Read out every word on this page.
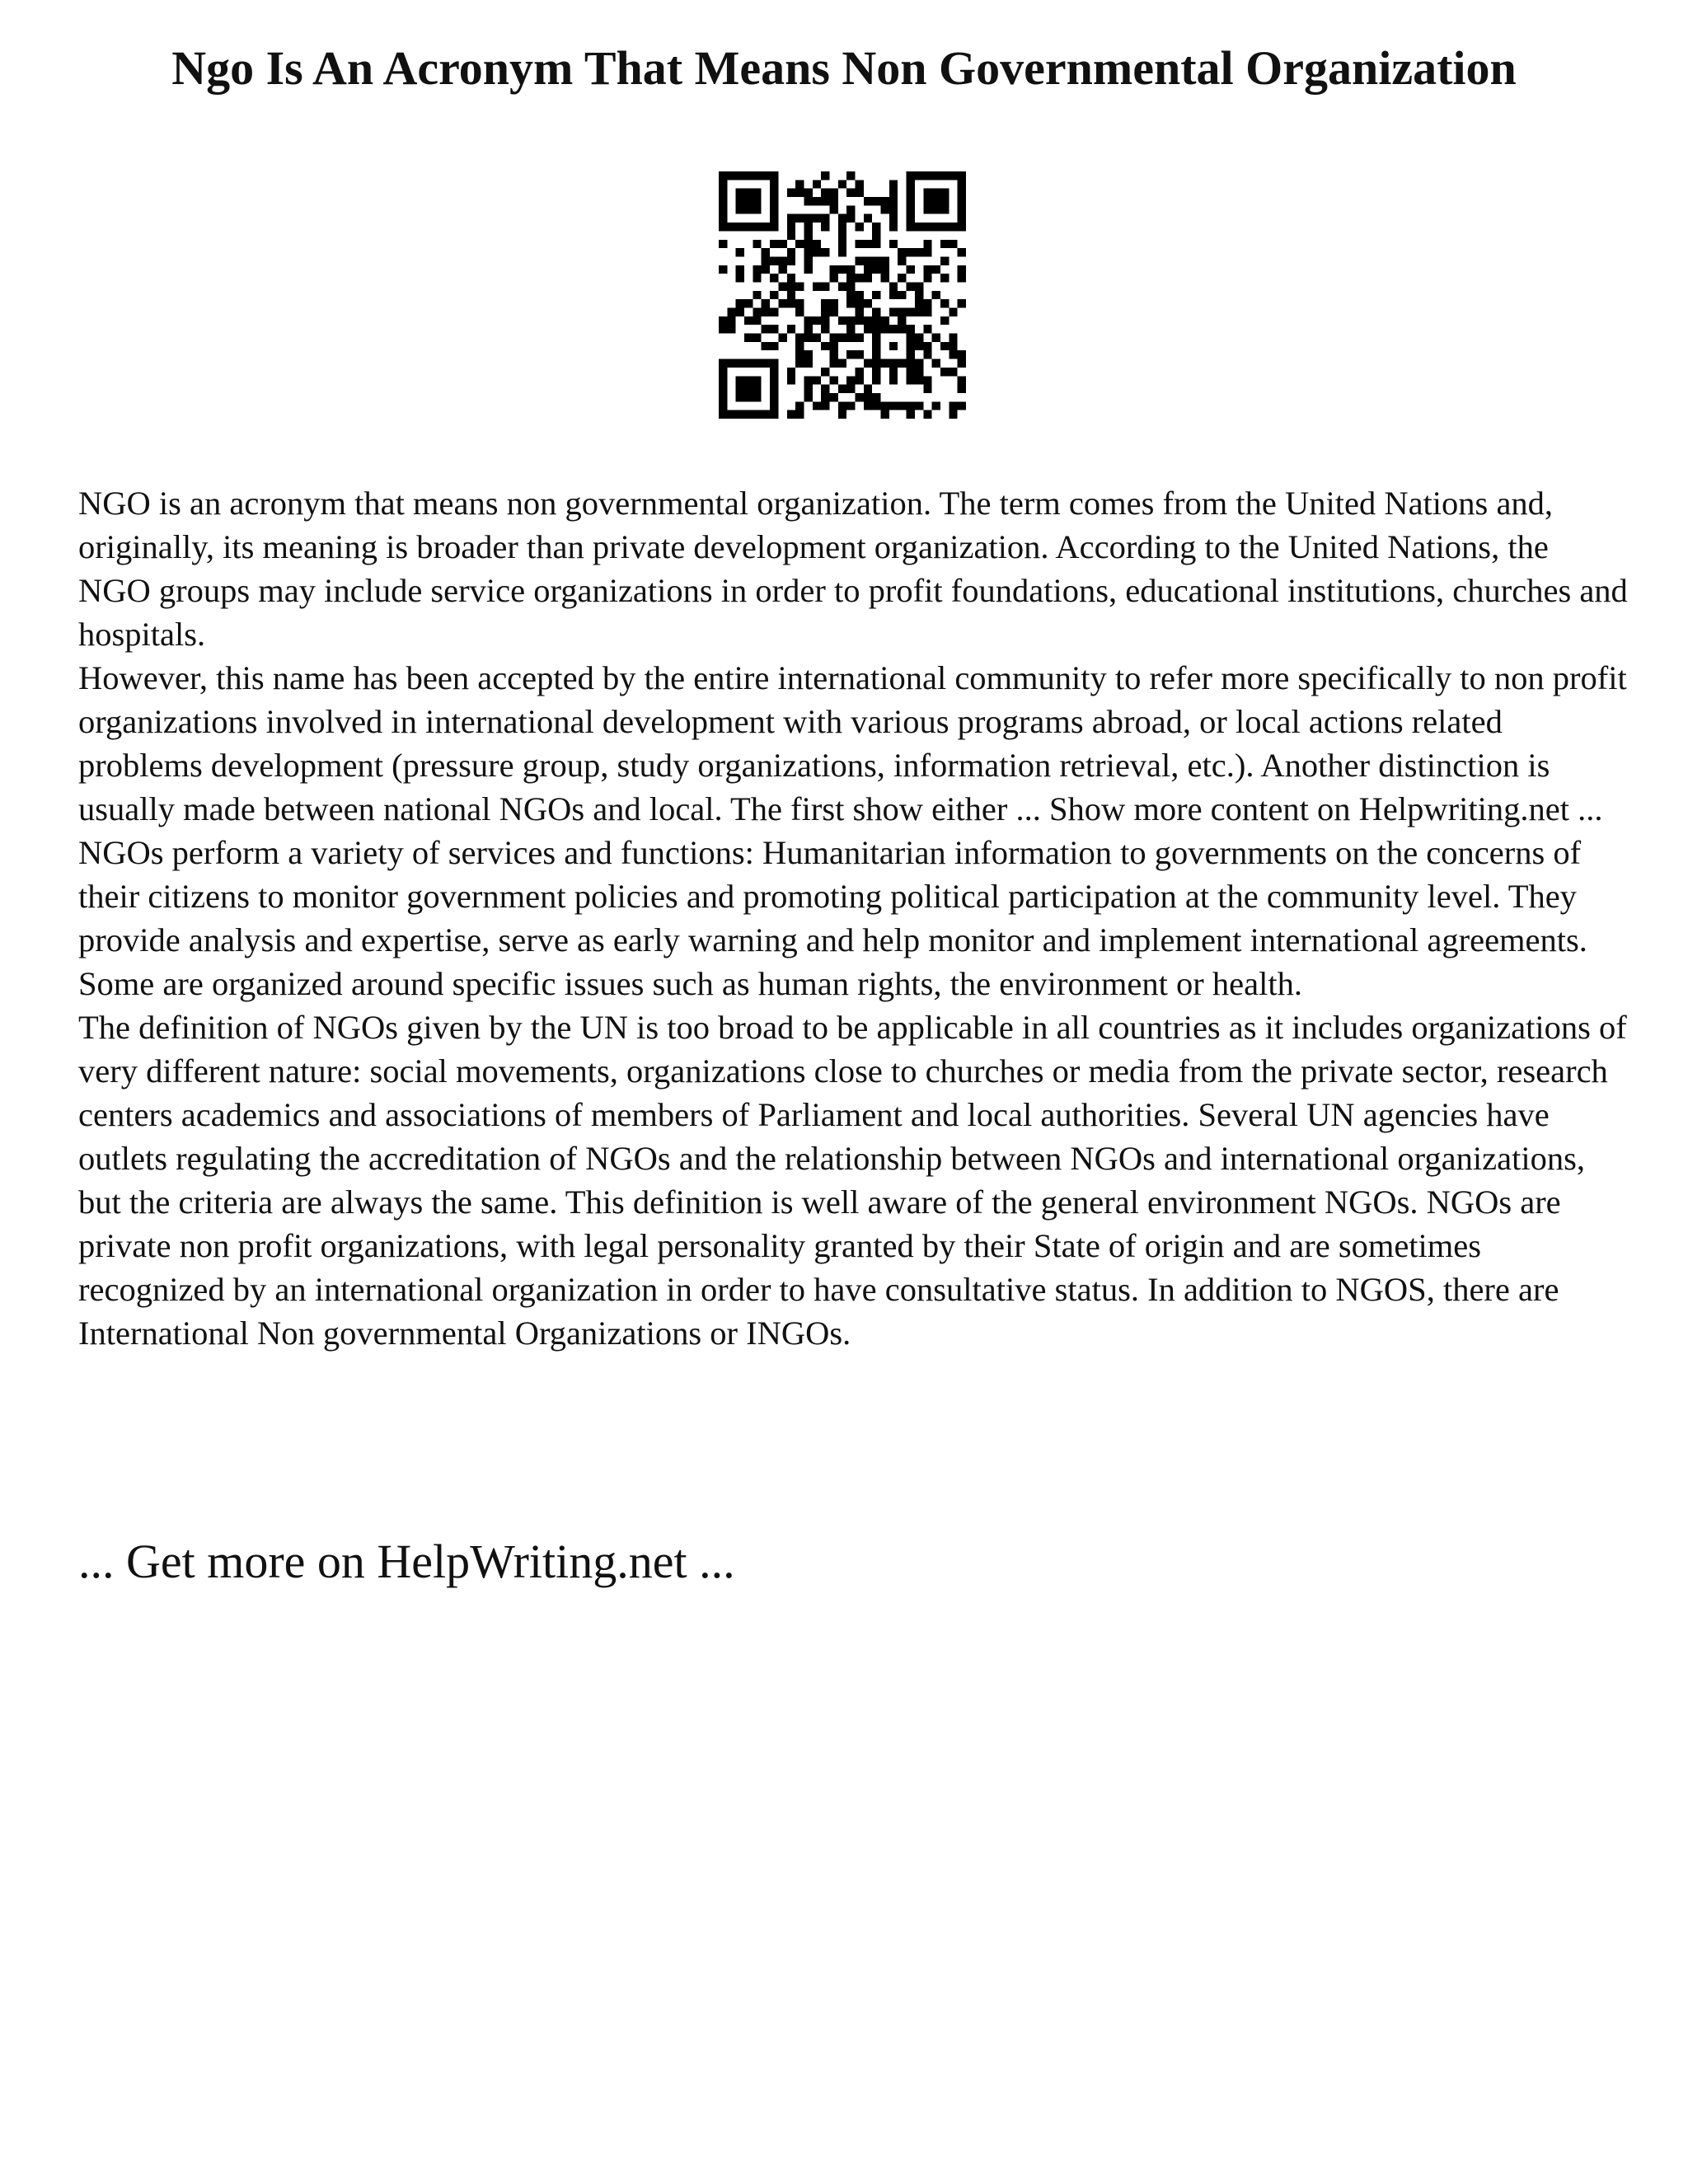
Ngo Is An Acronym That Means Non Governmental Organization

NGO is an acronym that means non governmental organization. The term comes from the United Nations and, originally, its meaning is broader than private development organization. According to the United Nations, the NGO groups may include service organizations in order to profit foundations, educational institutions, churches and hospitals.

However, this name has been accepted by the entire international community to refer more specifically to non profit organizations involved in international development with various programs abroad, or local actions related problems development (pressure group, study organizations, information retrieval, etc.). Another distinction is usually made between national NGOs and local. The first show either ... Show more content on Helpwriting.net ...

NGOs perform a variety of services and functions: Humanitarian information to governments on the concerns of their citizens to monitor government policies and promoting political participation at the community level. They provide analysis and expertise, serve as early warning and help monitor and implement international agreements. Some are organized around specific issues such as human rights, the environment or health.

The definition of NGOs given by the UN is too broad to be applicable in all countries as it includes organizations of very different nature: social movements, organizations close to churches or media from the private sector, research centers academics and associations of members of Parliament and local authorities. Several UN agencies have outlets regulating the accreditation of NGOs and the relationship between NGOs and international organizations, but the criteria are always the same. This definition is well aware of the general environment NGOs. NGOs are private non profit organizations, with legal personality granted by their State of origin and are sometimes recognized by an international organization in order to have consultative status. In addition to NGOS, there are International Non governmental Organizations or INGOs.

... Get more on HelpWriting.net ...
